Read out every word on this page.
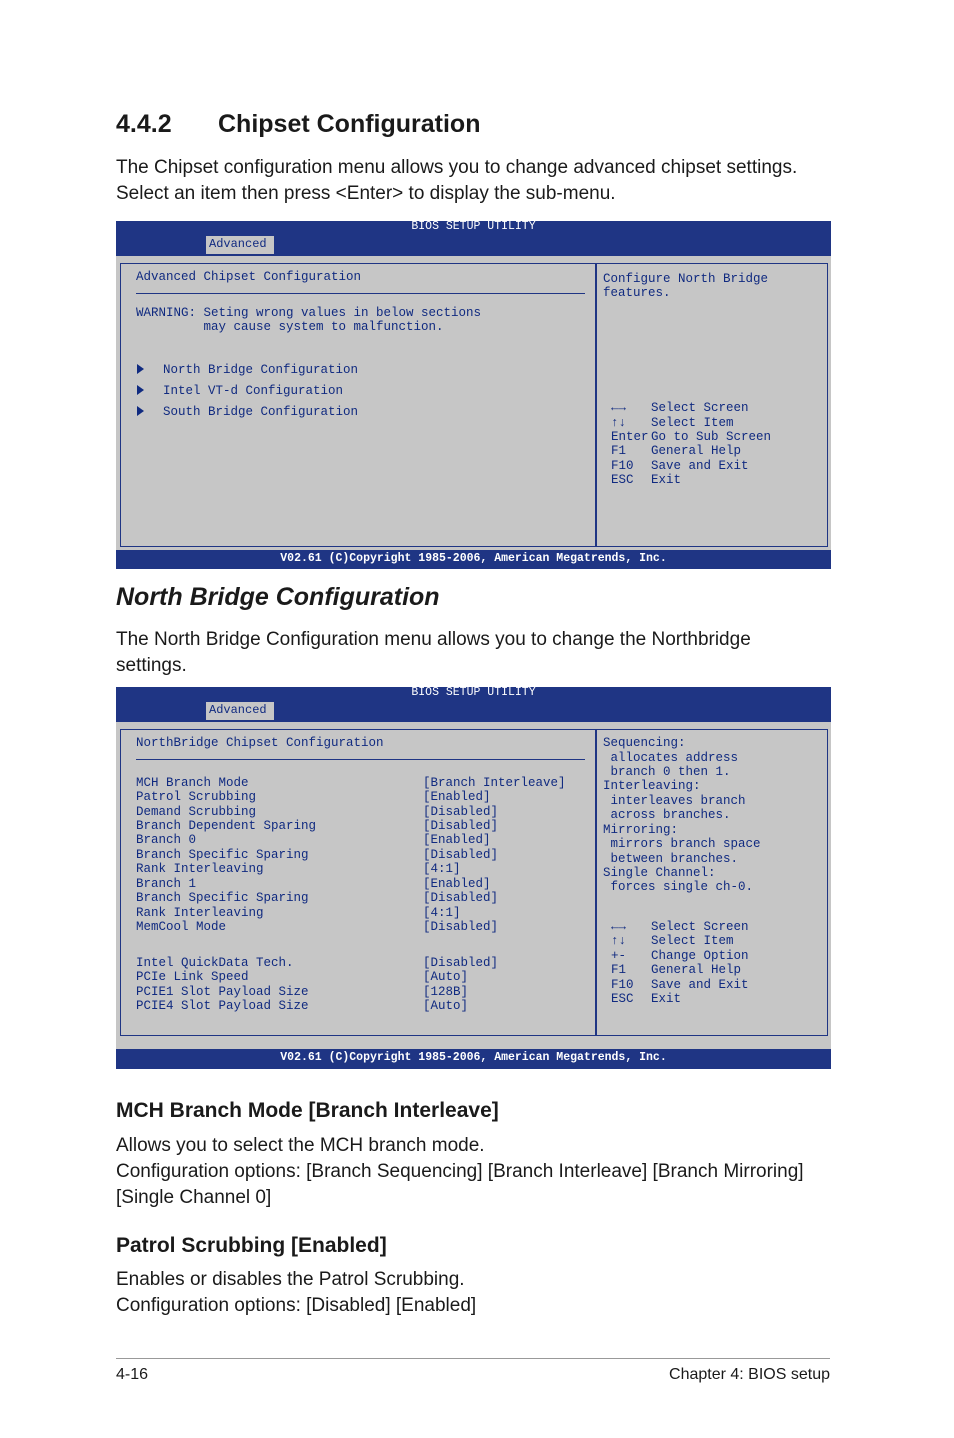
4.4.2 Chipset Configuration

The Chipset configuration menu allows you to change advanced chipset settings.
Select an item then press <Enter> to display the sub-menu.

BIOS SETUP UTILITY
Advanced
Advanced Chipset Configuration
WARNING: Seting wrong values in below sections
may cause system to malfunction.
North Bridge Configuration
Intel VT-d Configuration
South Bridge Configuration
Configure North Bridge
features.
←→ Select Screen
↑↓ Select Item
Enter Go to Sub Screen
F1 General Help
F10 Save and Exit
ESC Exit
V02.61 (C)Copyright 1985-2006, American Megatrends, Inc.
North Bridge Configuration

The North Bridge Configuration menu allows you to change the Northbridge
settings.

BIOS SETUP UTILITY
Advanced
NorthBridge Chipset Configuration
MCH Branch Mode	[Branch Interleave]
Patrol Scrubbing	[Enabled]
Demand Scrubbing	[Disabled]
Branch Dependent Sparing	[Disabled]
Branch 0	[Enabled]
Branch Specific Sparing	[Disabled]
Rank Interleaving	[4:1]
Branch 1	[Enabled]
Branch Specific Sparing	[Disabled]
Rank Interleaving	[4:1]
MemCool Mode	[Disabled]
Intel QuickData Tech.	[Disabled]
PCIe Link Speed	[Auto]
PCIE1 Slot Payload Size	[128B]
PCIE4 Slot Payload Size	[Auto]
Sequencing:
allocates address
branch 0 then 1.
Interleaving:
interleaves branch
across branches.
Mirroring:
mirrors branch space
between branches.
Single Channel:
forces single ch-0.
←→ Select Screen
↑↓ Select Item
+- Change Option
F1 General Help
F10 Save and Exit
ESC Exit
V02.61 (C)Copyright 1985-2006, American Megatrends, Inc.
MCH Branch Mode [Branch Interleave]

Allows you to select the MCH branch mode.
Configuration options: [Branch Sequencing] [Branch Interleave] [Branch Mirroring]
[Single Channel 0]

Patrol Scrubbing [Enabled]

Enables or disables the Patrol Scrubbing.
Configuration options: [Disabled] [Enabled]

4-16	Chapter 4: BIOS setup
